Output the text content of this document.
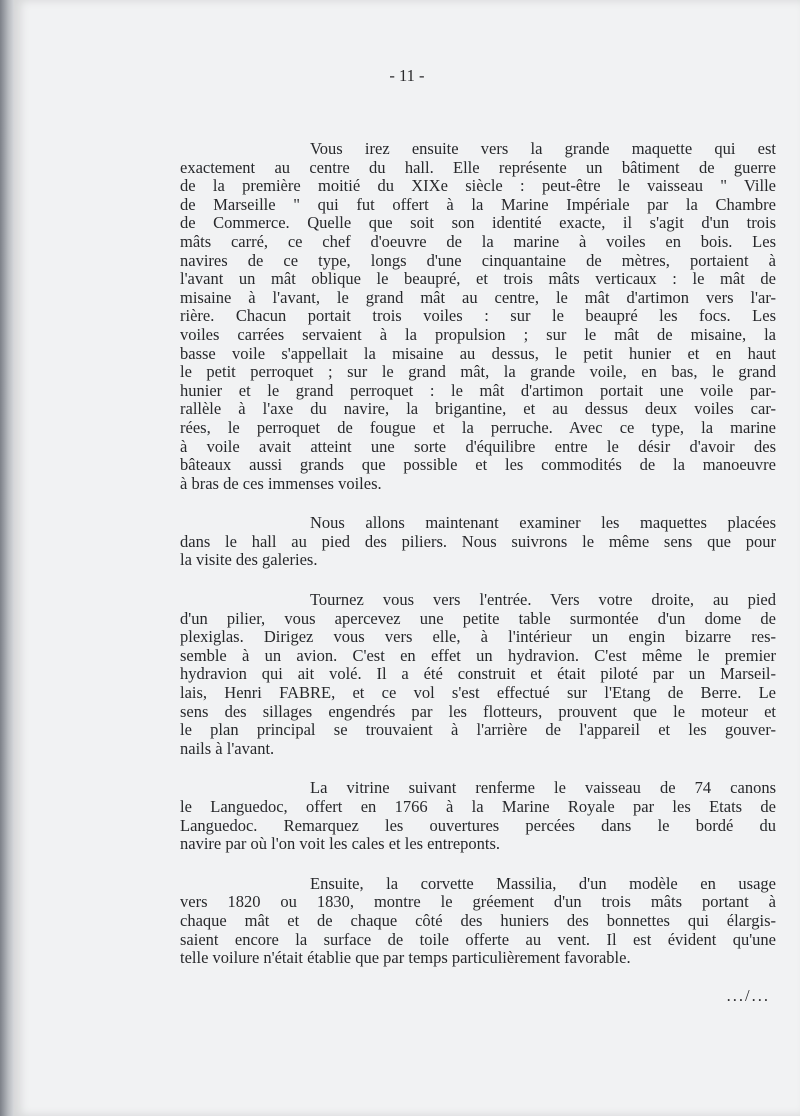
- 11 -
Vous irez ensuite vers la grande maquette qui est
exactement au centre du hall. Elle représente un bâtiment de guerre
de la première moitié du XIXe siècle : peut-être le vaisseau " Ville
de Marseille " qui fut offert à la Marine Impériale par la Chambre
de Commerce. Quelle que soit son identité exacte, il s'agit d'un trois
mâts carré, ce chef d'oeuvre de la marine à voiles en bois. Les
navires de ce type, longs d'une cinquantaine de mètres, portaient à
l'avant un mât oblique le beaupré, et trois mâts verticaux : le mât de
misaine à l'avant, le grand mât au centre, le mât d'artimon vers l'ar-
rière. Chacun portait trois voiles : sur le beaupré les focs. Les
voiles carrées servaient à la propulsion ; sur le mât de misaine, la
basse voile s'appellait la misaine au dessus, le petit hunier et en haut
le petit perroquet ; sur le grand mât, la grande voile, en bas, le grand
hunier et le grand perroquet : le mât d'artimon portait une voile par-
rallèle à l'axe du navire, la brigantine, et au dessus deux voiles car-
rées, le perroquet de fougue et la perruche. Avec ce type, la marine
à voile avait atteint une sorte d'équilibre entre le désir d'avoir des
bâteaux aussi grands que possible et les commodités de la manoeuvre
à bras de ces immenses voiles.
Nous allons maintenant examiner les maquettes placées
dans le hall au pied des piliers. Nous suivrons le même sens que pour
la visite des galeries.
Tournez vous vers l'entrée. Vers votre droite, au pied
d'un pilier, vous apercevez une petite table surmontée d'un dome de
plexiglas. Dirigez vous vers elle, à l'intérieur un engin bizarre res-
semble à un avion. C'est en effet un hydravion. C'est même le premier
hydravion qui ait volé. Il a été construit et était piloté par un Marseil-
lais, Henri FABRE, et ce vol s'est effectué sur l'Etang de Berre. Le
sens des sillages engendrés par les flotteurs, prouvent que le moteur et
le plan principal se trouvaient à l'arrière de l'appareil et les gouver-
nails à l'avant.
La vitrine suivant renferme le vaisseau de 74 canons
le Languedoc, offert en 1766 à la Marine Royale par les Etats de
Languedoc. Remarquez les ouvertures percées dans le bordé du
navire par où l'on voit les cales et les entreponts.
Ensuite, la corvette Massilia, d'un modèle en usage
vers 1820 ou 1830, montre le gréement d'un trois mâts portant à
chaque mât et de chaque côté des huniers des bonnettes qui élargis-
saient encore la surface de toile offerte au vent. Il est évident qu'une
telle voilure n'était établie que par temps particulièrement favorable.
.../...
